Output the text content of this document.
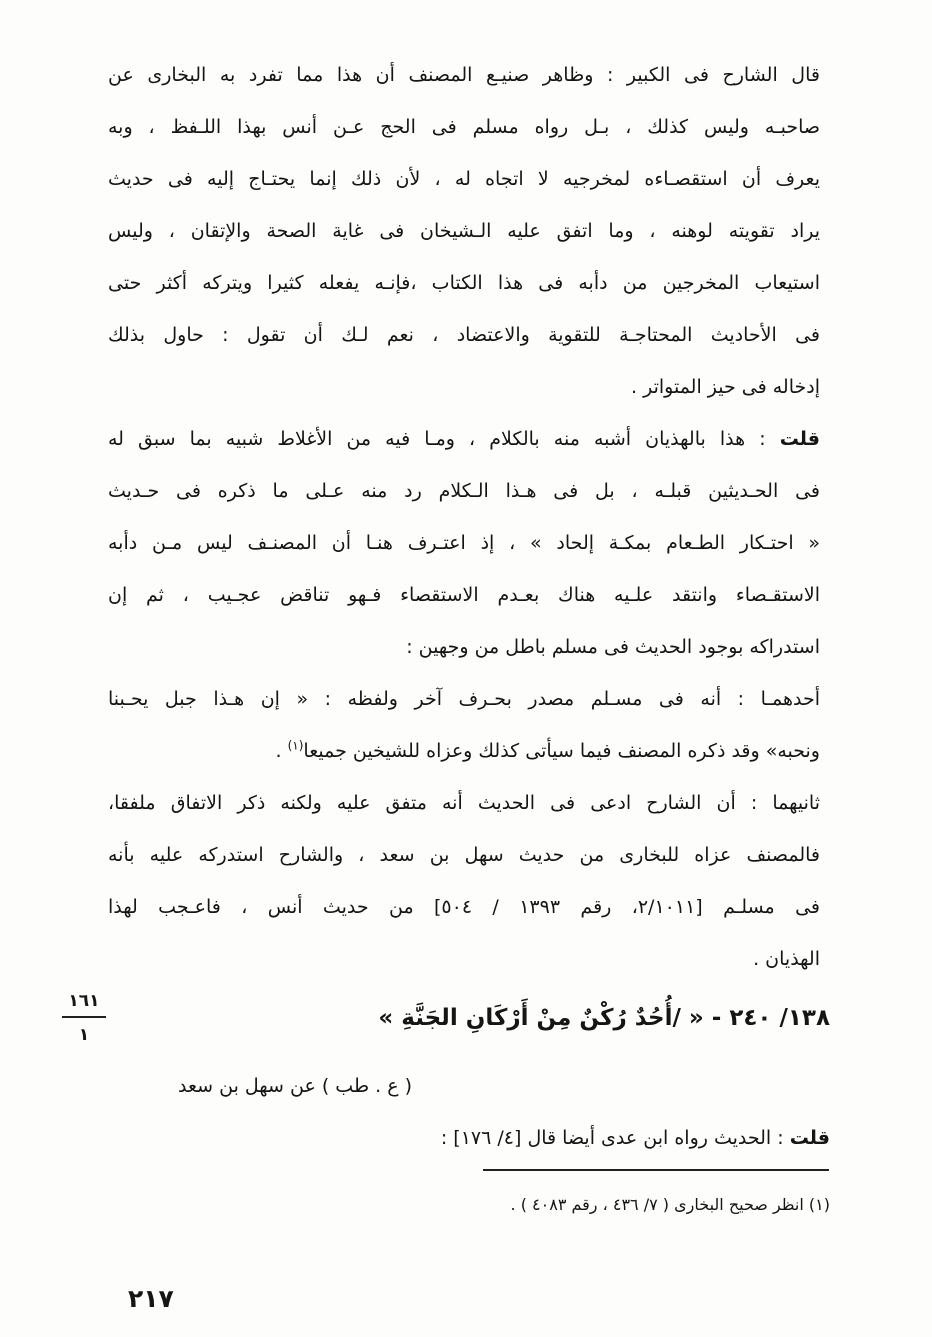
قال الشارح فى الكبير : وظاهر صنيـع المصنف أن هذا مما تفرد به البخارى عن
صاحبـه وليس كذلك ، بـل رواه مسلم فى الحج عـن أنس بهذا اللـفظ ، وبه
يعرف أن استقصـاءه لمخرجيه لا اتجاه له ، لأن ذلك إنما يحتـاج إليه فى حديث
يراد تقويته لوهنه ، وما اتفق عليه الـشيخان فى غاية الصحة والإتقان ، وليس
استيعاب المخرجين من دأبه فى هذا الكتاب ،فإنـه يفعله كثيرا ويتركه أكثر حتى
فى الأحاديث المحتاجـة للتقوية والاعتضاد ، نعم لـك أن تقول : حاول بذلك
إدخاله فى حيز المتواتر .
قلت : هذا بالهذيان أشبه منه بالكلام ، ومـا فيه من الأغلاط شبيه بما سبق له
فى الحـديثين قبلـه ، بل فى هـذا الـكلام رد منه عـلى ما ذكره فى حـديث
« احتـكار الطـعام بمكـة إلحاد » ، إذ اعتـرف هنـا أن المصنـف ليس مـن دأبه
الاستقـصاء وانتقد علـيه هناك بعـدم الاستقصاء فـهو تناقض عجـيب ، ثم إن
استدراكه بوجود الحديث فى مسلم باطل من وجهين :
أحدهمـا : أنه فى مسـلم مصدر بحـرف آخر ولفظه : « إن هـذا جبل يحـبنا
ونحبه» وقد ذكره المصنف فيما سيأتى كذلك وعزاه للشيخين جميعا$^{(١)}$ .
ثانيهما : أن الشارح ادعى فى الحديث أنه متفق عليه ولكنه ذكر الاتفاق ملفقا،
فالمصنف عزاه للبخارى من حديث سهل بن سعد ، والشارح استدركه عليه بأنه
فى مسلـم [٢/١٠١١، رقم ١٣٩٣ / ٥٠٤] من حديث أنس ، فاعـجب لهذا
الهذيان .
١٣٨/ ٢٤٠ - « /أُحُدٌ رُكْنٌ مِنْ أَرْكَانِ الجَنَّةِ »
١٦١
١
( ع . طب ) عن سهل بن سعد
قلت : الحديث رواه ابن عدى أيضا قال [٤/ ١٧٦] :
(١) انظر صحيح البخارى ( ٧/ ٤٣٦ ، رقم ٤٠٨٣ ) .
٢١٧
